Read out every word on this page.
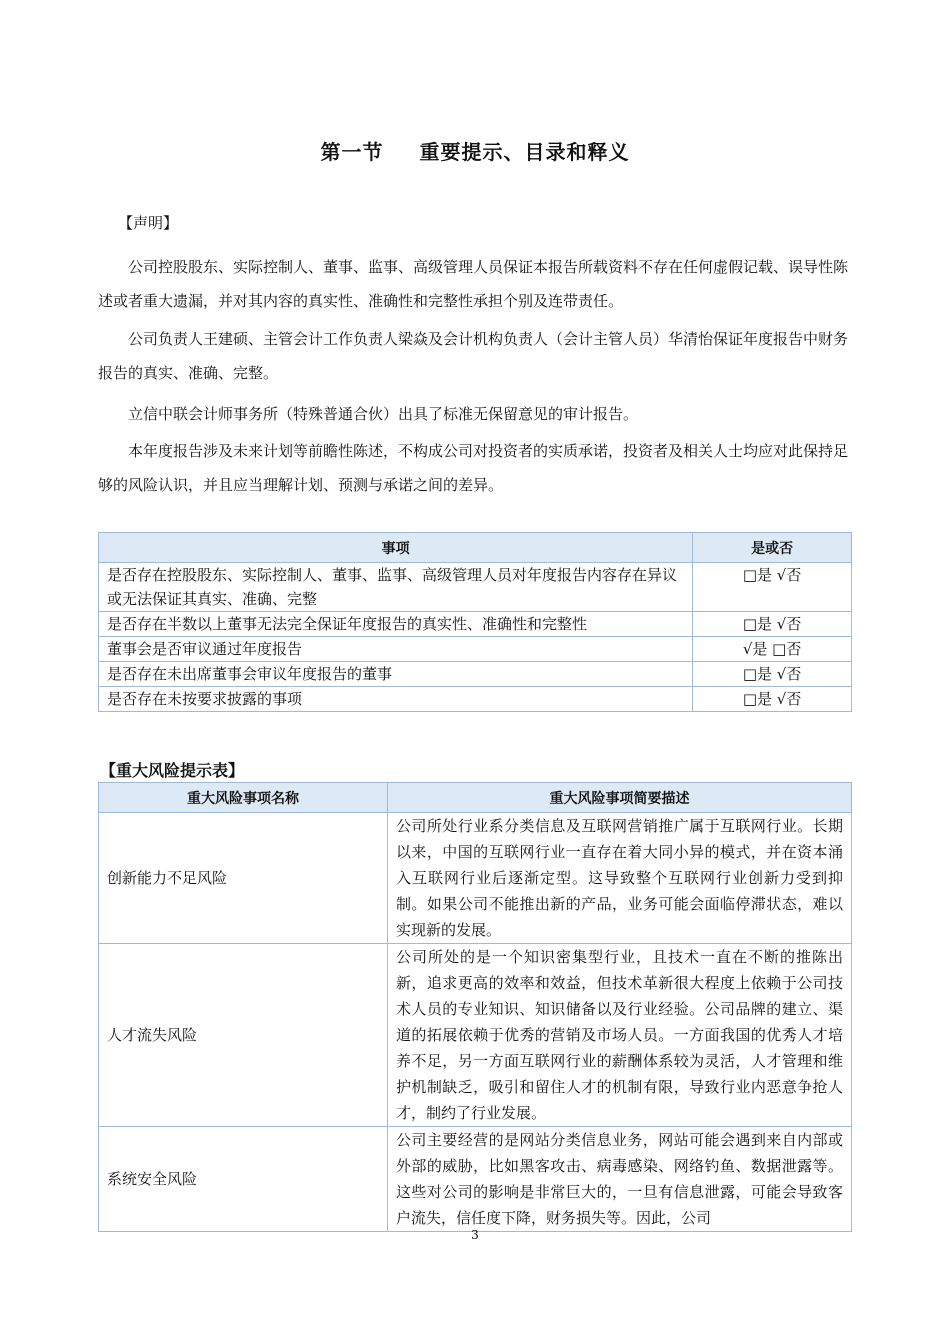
第一节 重要提示、目录和释义
【声明】

公司控股股东、实际控制人、董事、监事、高级管理人员保证本报告所载资料不存在任何虚假记载、误导性陈述或者重大遗漏，并对其内容的真实性、准确性和完整性承担个别及连带责任。

公司负责人王建硕、主管会计工作负责人梁焱及会计机构负责人（会计主管人员）华清怡保证年度报告中财务报告的真实、准确、完整。

立信中联会计师事务所（特殊普通合伙）出具了标准无保留意见的审计报告。

本年度报告涉及未来计划等前瞻性陈述，不构成公司对投资者的实质承诺，投资者及相关人士均应对此保持足够的风险认识，并且应当理解计划、预测与承诺之间的差异。

事项	是或否
是否存在控股股东、实际控制人、董事、监事、高级管理人员对年度报告内容存在异议或无法保证其真实、准确、完整	□是 √否
是否存在半数以上董事无法完全保证年度报告的真实性、准确性和完整性	□是 √否
董事会是否审议通过年度报告	√是 □否
是否存在未出席董事会审议年度报告的董事	□是 √否
是否存在未按要求披露的事项	□是 √否
【重大风险提示表】
重大风险事项名称	重大风险事项简要描述
创新能力不足风险	公司所处行业系分类信息及互联网营销推广属于互联网行业。长期以来，中国的互联网行业一直存在着大同小异的模式，并在资本涌入互联网行业后逐渐定型。这导致整个互联网行业创新力受到抑制。如果公司不能推出新的产品，业务可能会面临停滞状态，难以实现新的发展。
人才流失风险	公司所处的是一个知识密集型行业，且技术一直在不断的推陈出新，追求更高的效率和效益，但技术革新很大程度上依赖于公司技术人员的专业知识、知识储备以及行业经验。公司品牌的建立、渠道的拓展依赖于优秀的营销及市场人员。一方面我国的优秀人才培养不足，另一方面互联网行业的薪酬体系较为灵活，人才管理和维护机制缺乏，吸引和留住人才的机制有限，导致行业内恶意争抢人才，制约了行业发展。
系统安全风险	公司主要经营的是网站分类信息业务，网站可能会遇到来自内部或外部的威胁，比如黑客攻击、病毒感染、网络钓鱼、数据泄露等。这些对公司的影响是非常巨大的，一旦有信息泄露，可能会导致客户流失，信任度下降，财务损失等。因此，公司
3
